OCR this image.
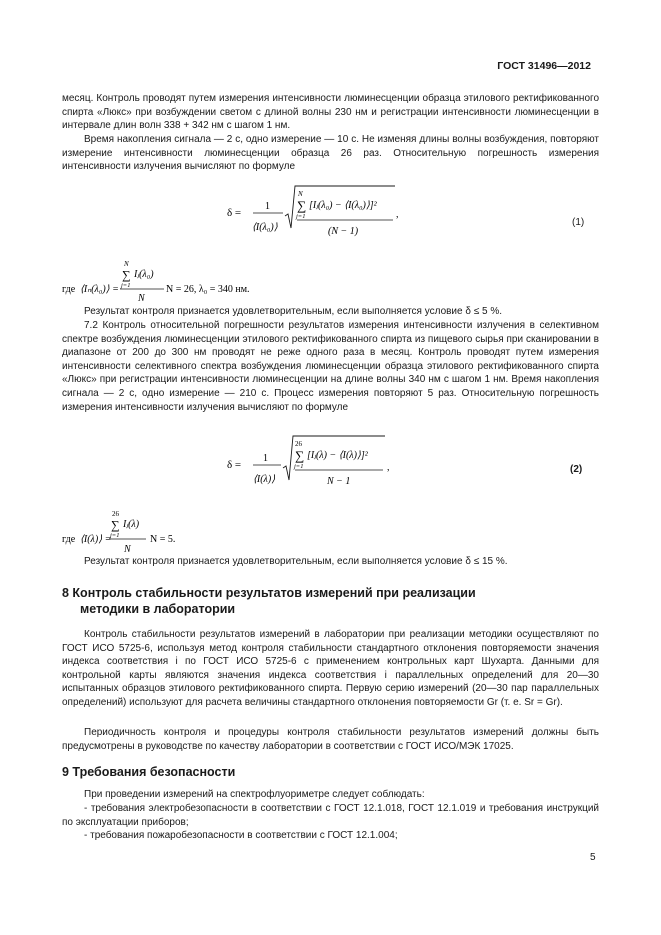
ГОСТ 31496—2012

месяц. Контроль проводят путем измерения интенсивности люминесценции образца этилового ректификованного спирта «Люкс» при возбуждении светом с длиной волны 230 нм и регистрации интенсивности люминесценции в интервале длин волн 338 + 342 нм с шагом 1 нм.

Время накопления сигнала — 2 с, одно измерение — 10 с. Не изменяя длины волны возбуждения, повторяют измерение интенсивности люминесценции образца 26 раз. Относительную погрешность измерения интенсивности излучения вычисляют по формуле

δ =
1
⟨I(λ₀)⟩
N
∑
j=1
[Iⱼ(λ₀) − ⟨I(λ₀)⟩]²
(N − 1)
,
(1)
где ⟨Iₙ(λ₀)⟩ =
N
∑
j=1
Iⱼ(λ₀)
N
N = 26, λ₀ = 340 нм.

Результат контроля признается удовлетворительным, если выполняется условие δ ≤ 5 %.

7.2 Контроль относительной погрешности результатов измерения интенсивности излучения в селективном спектре возбуждения люминесценции этилового ректификованного спирта из пищевого сырья при сканировании в диапазоне от 200 до 300 нм проводят не реже одного раза в месяц. Контроль проводят путем измерения интенсивности селективного спектра возбуждения люминесценции образца этилового ректификованного спирта «Люкс» при регистрации интенсивности люминесценции на длине волны 340 нм с шагом 1 нм. Время накопления сигнала — 2 с, одно измерение — 210 с. Процесс измерения повторяют 5 раз. Относительную погрешность измерения интенсивности излучения вычисляют по формуле

δ =
1
⟨I(λ)⟩
26
∑
j=1
[Iⱼ(λ) − ⟨I(λ)⟩]²
N − 1
,	(2)
где ⟨I(λ)⟩ =
26
∑
j=1
Iⱼ(λ)
N
N = 5.

Результат контроля признается удовлетворительным, если выполняется условие δ ≤ 15 %.

8 Контроль стабильности результатов измерений при реализации
методики в лаборатории

Контроль стабильности результатов измерений в лаборатории при реализации методики осуществляют по ГОСТ ИСО 5725-6, используя метод контроля стабильности стандартного отклонения повторяемости значения индекса соответствия i по ГОСТ ИСО 5725-6 с применением контрольных карт Шухарта. Данными для контрольной карты являются значения индекса соответствия i параллельных определений для 20—30 испытанных образцов этилового ректификованного спирта. Первую серию измерений (20—30 пар параллельных определений) используют для расчета величины стандартного отклонения повторяемости Gr (т. е. Sr = Gr).

Периодичность контроля и процедуры контроля стабильности результатов измерений должны быть предусмотрены в руководстве по качеству лаборатории в соответствии с ГОСТ ИСО/МЭК 17025.

9 Требования безопасности

При проведении измерений на спектрофлуориметре следует соблюдать:

- требования электробезопасности в соответствии с ГОСТ 12.1.018, ГОСТ 12.1.019 и требования инструкций по эксплуатации приборов;

- требования пожаробезопасности в соответствии с ГОСТ 12.1.004;

5
